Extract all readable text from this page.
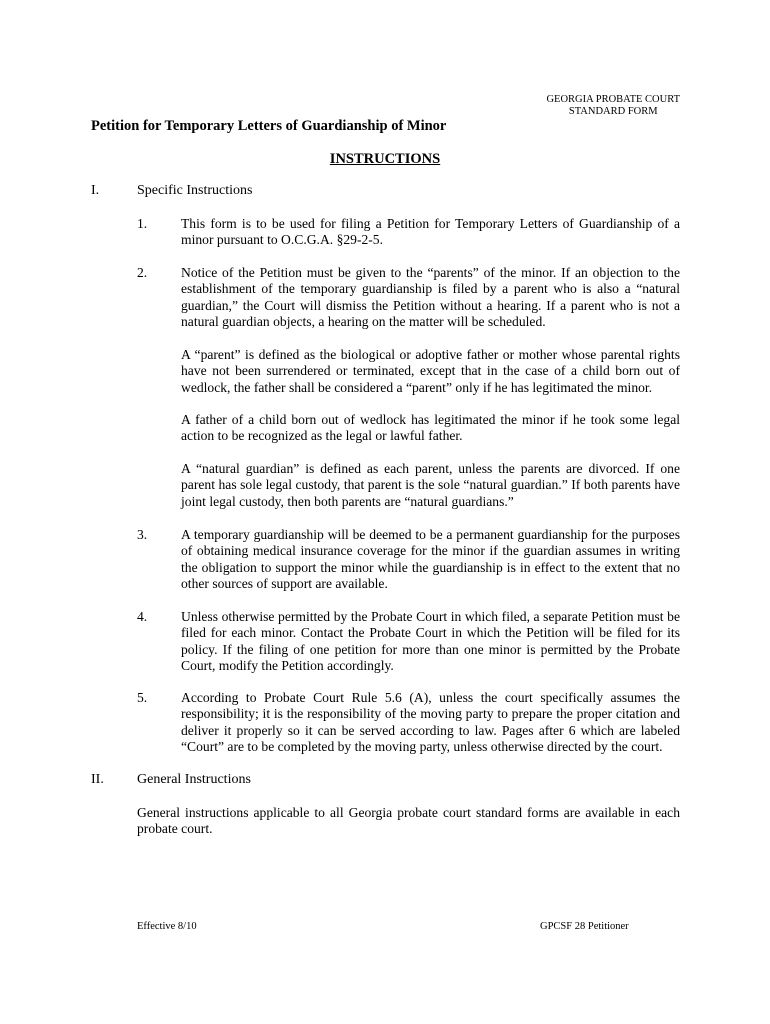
GEORGIA PROBATE COURT
STANDARD FORM
Petition for Temporary Letters of Guardianship of Minor
INSTRUCTIONS
I.	Specific Instructions
1. This form is to be used for filing a Petition for Temporary Letters of Guardianship of a minor pursuant to O.C.G.A. §29-2-5.
2. Notice of the Petition must be given to the “parents” of the minor. If an objection to the establishment of the temporary guardianship is filed by a parent who is also a “natural guardian,” the Court will dismiss the Petition without a hearing. If a parent who is not a natural guardian objects, a hearing on the matter will be scheduled.
A “parent” is defined as the biological or adoptive father or mother whose parental rights have not been surrendered or terminated, except that in the case of a child born out of wedlock, the father shall be considered a “parent” only if he has legitimated the minor.
A father of a child born out of wedlock has legitimated the minor if he took some legal action to be recognized as the legal or lawful father.
A “natural guardian” is defined as each parent, unless the parents are divorced. If one parent has sole legal custody, that parent is the sole “natural guardian.” If both parents have joint legal custody, then both parents are “natural guardians.”
3. A temporary guardianship will be deemed to be a permanent guardianship for the purposes of obtaining medical insurance coverage for the minor if the guardian assumes in writing the obligation to support the minor while the guardianship is in effect to the extent that no other sources of support are available.
4. Unless otherwise permitted by the Probate Court in which filed, a separate Petition must be filed for each minor. Contact the Probate Court in which the Petition will be filed for its policy. If the filing of one petition for more than one minor is permitted by the Probate Court, modify the Petition accordingly.
5. According to Probate Court Rule 5.6 (A), unless the court specifically assumes the responsibility; it is the responsibility of the moving party to prepare the proper citation and deliver it properly so it can be served according to law. Pages after 6 which are labeled “Court” are to be completed by the moving party, unless otherwise directed by the court.
II. General Instructions
General instructions applicable to all Georgia probate court standard forms are available in each probate court.
Effective 8/10	GPCSF 28 Petitioner
